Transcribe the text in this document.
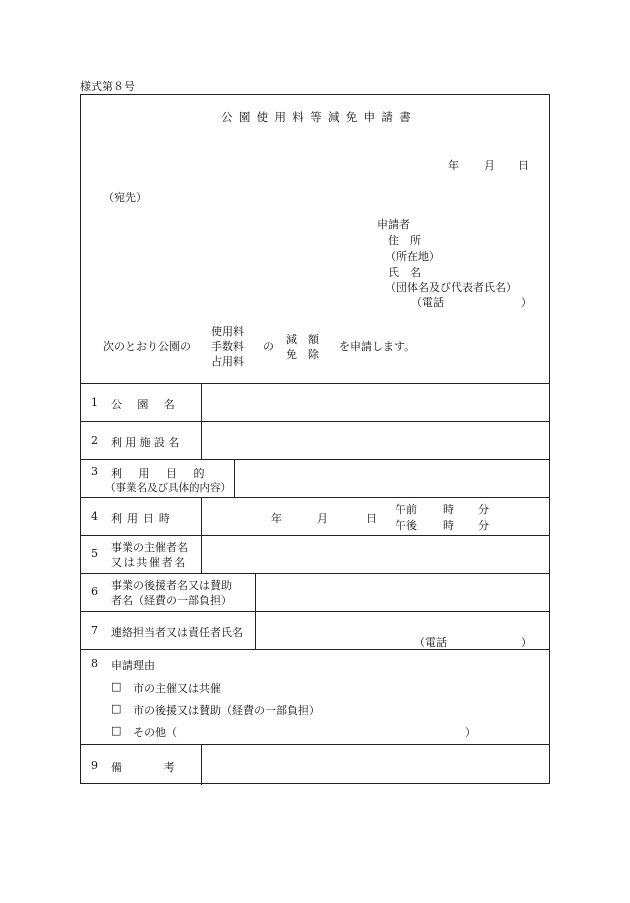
様式第８号
公園使用料等減免申請書
年 月 日
（宛先）
申請者
住　所
（所在地）
氏　名
（団体名及び代表者氏名）
（電話	）
次のとおり公園の
使用料
手数料
占用料
の
減　額
免　除
を申請します。
1 公　園　名
2 利用施設名
3 利　用　目　的
（事業名及び具体的内容）
4 利用日時	年	月	日
午前 時 分
午後 時 分
5 事業の主催者名
又は共催者名
6 事業の後援者名又は賛助
者名（経費の一部負担）
7 連絡担当者又は責任者氏名
（電話	）
8 申請理由
□ 市の主催又は共催
□ 市の後援又は賛助（経費の一部負担）
□ その他（	）
9 備　　　考
